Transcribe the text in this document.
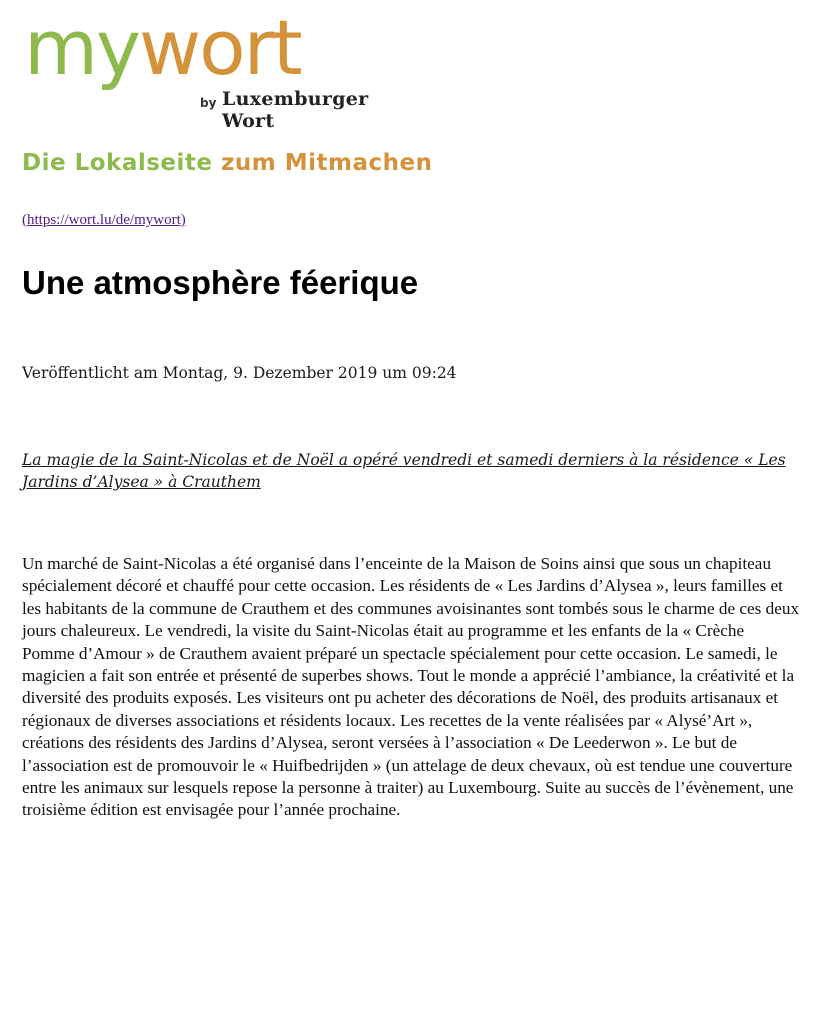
mywort
by Luxemburger Wort
Die Lokalseite zum Mitmachen
(https://wort.lu/de/mywort)
Une atmosphère féerique
Veröffentlicht am Montag, 9. Dezember 2019 um 09:24

La magie de la Saint-Nicolas et de Noël a opéré vendredi et samedi derniers à la résidence « Les Jardins d’Alysea » à Crauthem

Un marché de Saint-Nicolas a été organisé dans l’enceinte de la Maison de Soins ainsi que sous un chapiteau spécialement décoré et chauffé pour cette occasion. Les résidents de « Les Jardins d’Alysea », leurs familles et les habitants de la commune de Crauthem et des communes avoisinantes sont tombés sous le charme de ces deux jours chaleureux. Le vendredi, la visite du Saint-Nicolas était au programme et les enfants de la « Crèche Pomme d’Amour » de Crauthem avaient préparé un spectacle spécialement pour cette occasion. Le samedi, le magicien a fait son entrée et présenté de superbes shows. Tout le monde a apprécié l’ambiance, la créativité et la diversité des produits exposés. Les visiteurs ont pu acheter des décorations de Noël, des produits artisanaux et régionaux de diverses associations et résidents locaux. Les recettes de la vente réalisées par « Alysé’Art », créations des résidents des Jardins d’Alysea, seront versées à l’association « De Leederwon ». Le but de l’association est de promouvoir le « Huifbedrijden » (un attelage de deux chevaux, où est tendue une couverture entre les animaux sur lesquels repose la personne à traiter) au Luxembourg. Suite au succès de l’évènement, une troisième édition est envisagée pour l’année prochaine.
